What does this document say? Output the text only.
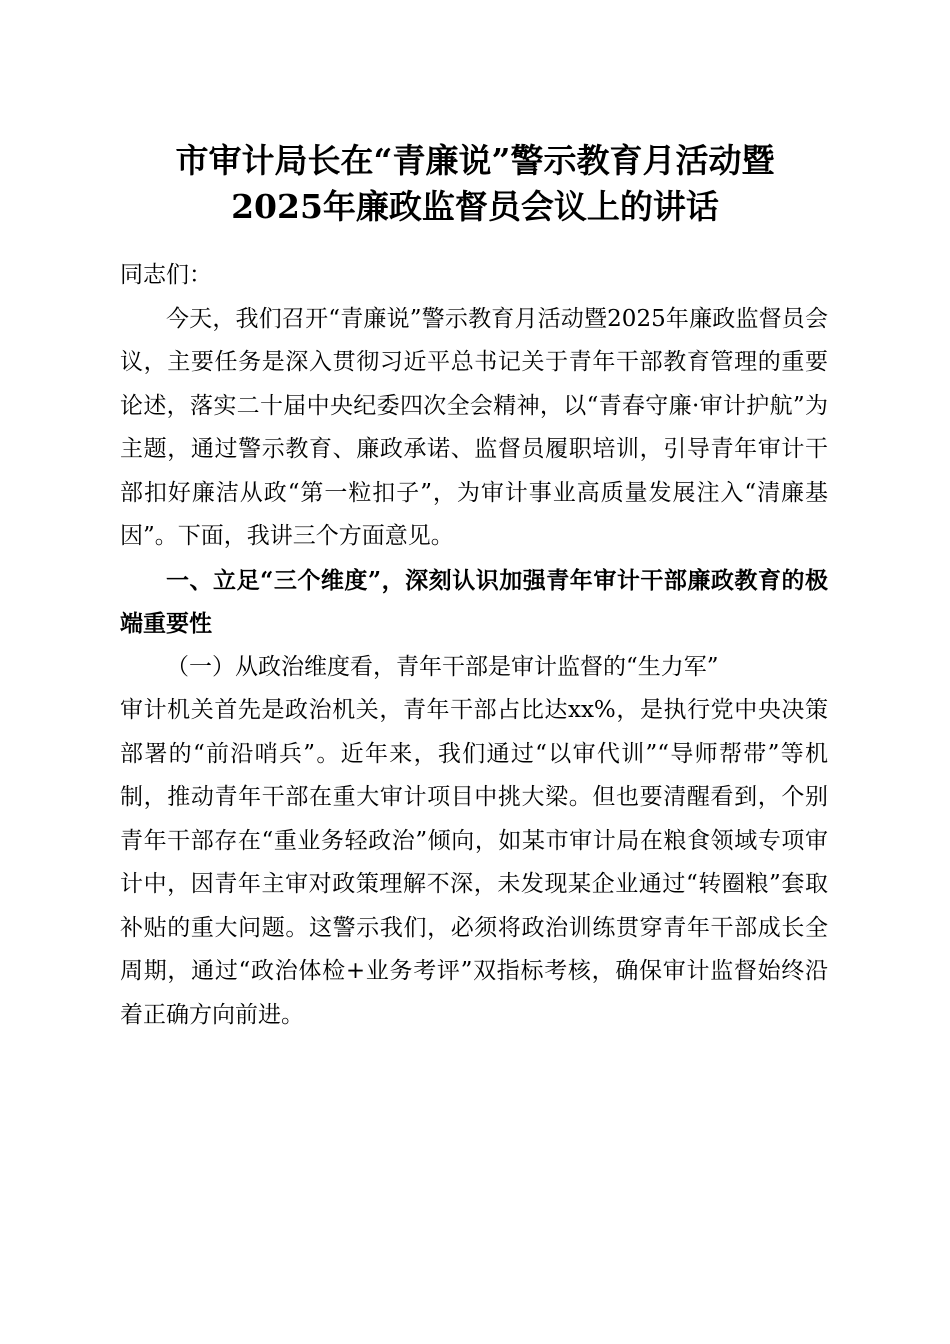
市审计局长在“青廉说”警示教育月活动暨
2025年廉政监督员会议上的讲话

同志们：

今天，我们召开“青廉说”警示教育月活动暨2025年廉政监督员会议，主要任务是深入贯彻习近平总书记关于青年干部教育管理的重要论述，落实二十届中央纪委四次全会精神，以“青春守廉·审计护航”为主题，通过警示教育、廉政承诺、监督员履职培训，引导青年审计干部扣好廉洁从政“第一粒扣子”，为审计事业高质量发展注入“清廉基因”。下面，我讲三个方面意见。

一、立足“三个维度”，深刻认识加强青年审计干部廉政教育的极端重要性

（一）从政治维度看，青年干部是审计监督的“生力军”

审计机关首先是政治机关，青年干部占比达xx%，是执行党中央决策部署的“前沿哨兵”。近年来，我们通过“以审代训”“导师帮带”等机制，推动青年干部在重大审计项目中挑大梁。但也要清醒看到，个别青年干部存在“重业务轻政治”倾向，如某市审计局在粮食领域专项审计中，因青年主审对政策理解不深，未发现某企业通过“转圈粮”套取补贴的重大问题。这警示我们，必须将政治训练贯穿青年干部成长全周期，通过“政治体检+业务考评”双指标考核，确保审计监督始终沿着正确方向前进。
